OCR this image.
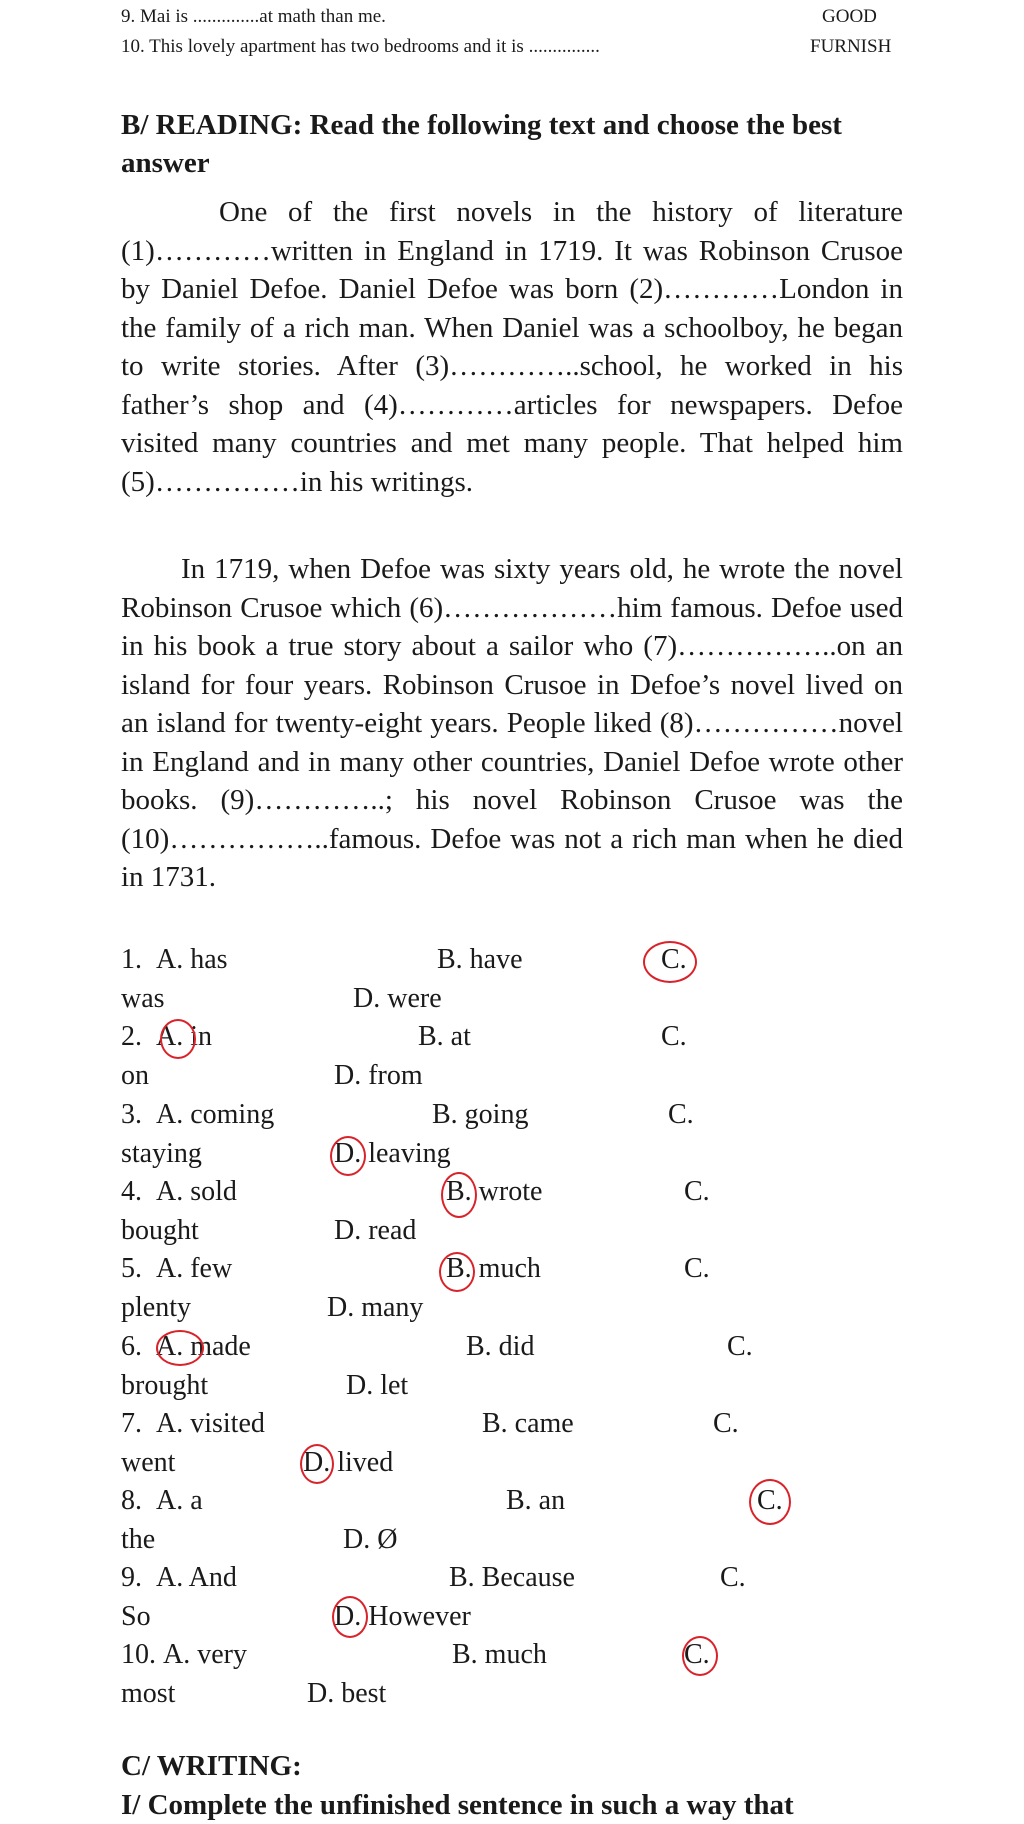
9. Mai is ..............at math than me.	GOOD
10. This lovely apartment has two bedrooms and it is ...............	FURNISH
B/ READING: Read the following text and choose the best answer
One of the first novels in the history of literature (1)…………written in England in 1719. It was Robinson Crusoe by Daniel Defoe. Daniel Defoe was born (2)…………London in the family of a rich man. When Daniel was a schoolboy, he began to write stories. After (3)…………..school, he worked in his father’s shop and (4)…………articles for newspapers. Defoe visited many countries and met many people. That helped him (5)……………in his writings.
In 1719, when Defoe was sixty years old, he wrote the novel Robinson Crusoe which (6)………………him famous. Defoe used in his book a true story about a sailor who (7)……………..on an island for four years. Robinson Crusoe in Defoe’s novel lived on an island for twenty-eight years. People liked (8)……………novel in England and in many other countries, Daniel Defoe wrote other books. (9)…………..; his novel Robinson Crusoe was the (10)……………..famous. Defoe was not a rich man when he died in 1731.
1. A. has	B. have	C.
was	D. were
2. A. in	B. at	C.
on	D. from
3. A. coming	B. going	C.
staying	D. leaving
4. A. sold	B. wrote	C.
bought	D. read
5. A. few	B. much	C.
plenty	D. many
6. A. made	B. did	C.
brought	D. let
7. A. visited	B. came	C.
went	D. lived
8. A. a	B. an	C.
the	D. Ø
9. A. And	B. Because	C.
So	D. However
10. A. very	B. much	C.
most	D. best
C/ WRITING:
I/ Complete the unfinished sentence in such a way that
